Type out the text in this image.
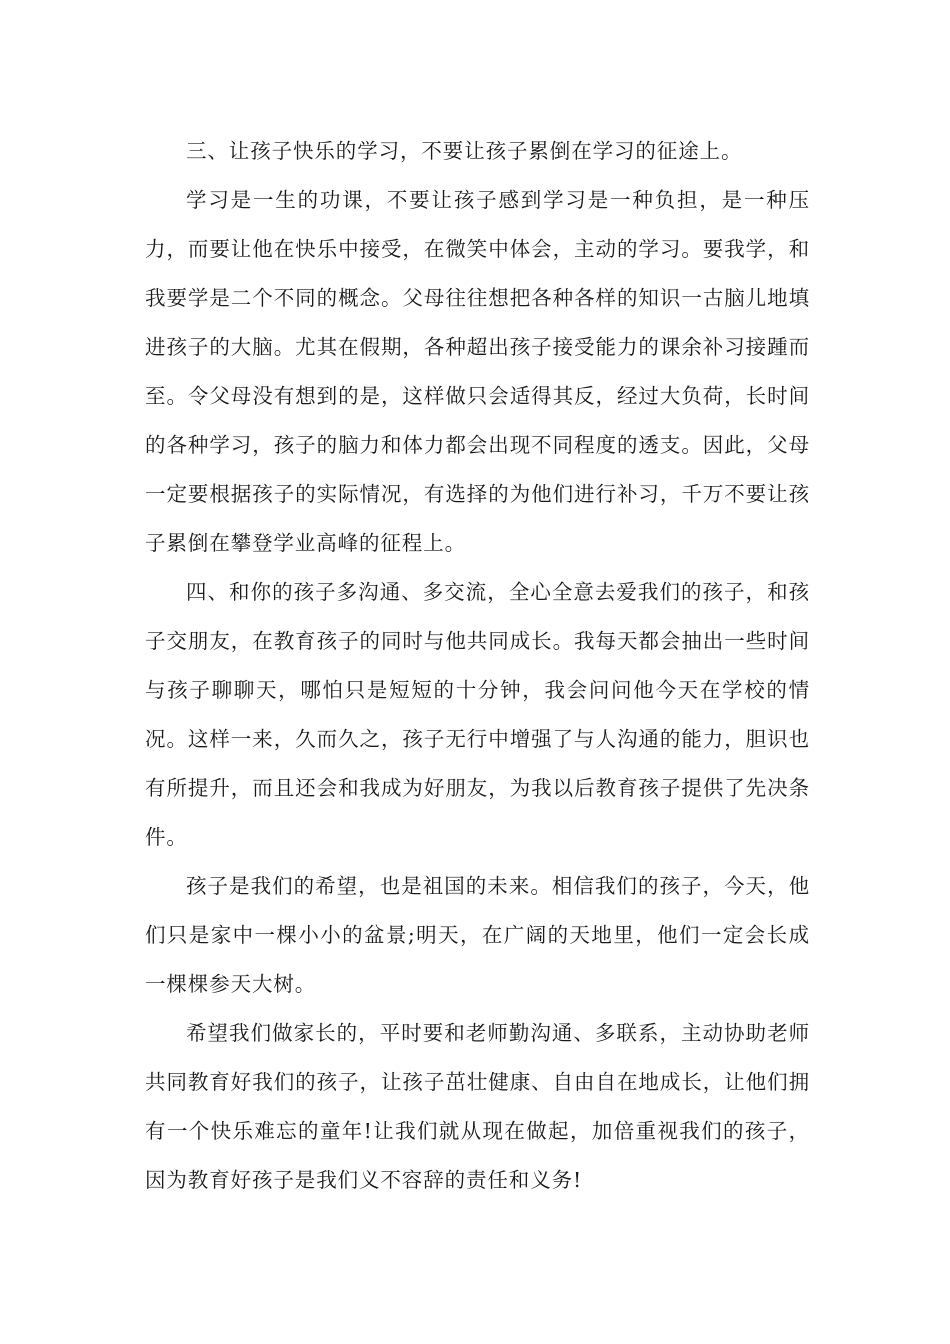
三、让孩子快乐的学习，不要让孩子累倒在学习的征途上。

学习是一生的功课，不要让孩子感到学习是一种负担，是一种压力，而要让他在快乐中接受，在微笑中体会，主动的学习。要我学，和我要学是二个不同的概念。父母往往想把各种各样的知识一古脑儿地填进孩子的大脑。尤其在假期，各种超出孩子接受能力的课余补习接踵而至。令父母没有想到的是，这样做只会适得其反，经过大负荷，长时间的各种学习，孩子的脑力和体力都会出现不同程度的透支。因此，父母一定要根据孩子的实际情况，有选择的为他们进行补习，千万不要让孩子累倒在攀登学业高峰的征程上。

四、和你的孩子多沟通、多交流，全心全意去爱我们的孩子，和孩子交朋友，在教育孩子的同时与他共同成长。我每天都会抽出一些时间与孩子聊聊天，哪怕只是短短的十分钟，我会问问他今天在学校的情况。这样一来，久而久之，孩子无行中增强了与人沟通的能力，胆识也有所提升，而且还会和我成为好朋友，为我以后教育孩子提供了先决条件。

孩子是我们的希望，也是祖国的未来。相信我们的孩子，今天，他们只是家中一棵小小的盆景;明天，在广阔的天地里，他们一定会长成一棵棵参天大树。

希望我们做家长的，平时要和老师勤沟通、多联系，主动协助老师共同教育好我们的孩子，让孩子茁壮健康、自由自在地成长，让他们拥有一个快乐难忘的童年!让我们就从现在做起，加倍重视我们的孩子，因为教育好孩子是我们义不容辞的责任和义务!
